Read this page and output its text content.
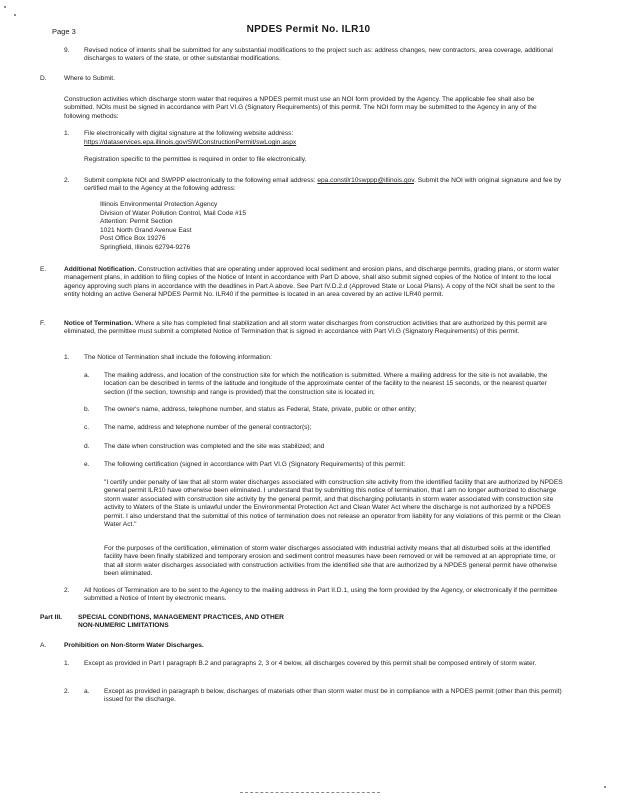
Page 3	NPDES Permit No. ILR10
9. Revised notice of intents shall be submitted for any substantial modifications to the project such as: address changes, new contractors, area coverage, additional discharges to waters of the state, or other substantial modifications.
D.	Where to Submit.
Construction activities which discharge storm water that requires a NPDES permit must use an NOI form provided by the Agency. The applicable fee shall also be submitted. NOIs must be signed in accordance with Part VI.G (Signatory Requirements) of this permit. The NOI form may be submitted to the Agency in any of the following methods:
1. File electronically with digital signature at the following website address:
https://dataservices.epa.illinois.gov/SWConstructionPermit/swLogin.aspx
Registration specific to the permittee is required in order to file electronically.
2. Submit complete NOI and SWPPP electronically to the following email address: epa.constilr10swppp@illinois.gov. Submit the NOI with original signature and fee by certified mail to the Agency at the following address:
Illinois Environmental Protection Agency
Division of Water Pollution Control, Mail Code #15
Attention: Permit Section
1021 North Grand Avenue East
Post Office Box 19276
Springfield, Illinois 62794-9276
E.	Additional Notification. Construction activities that are operating under approved local sediment and erosion plans, and discharge permits, grading plans, or storm water management plans, in addition to filing copies of the Notice of Intent in accordance with Part D above, shall also submit signed copies of the Notice of Intent to the local agency approving such plans in accordance with the deadlines in Part A above. See Part IV.D.2.d (Approved State or Local Plans). A copy of the NOI shall be sent to the entity holding an active General NPDES Permit No. ILR40 if the permittee is located in an area covered by an active ILR40 permit.
F.	Notice of Termination. Where a site has completed final stabilization and all storm water discharges from construction activities that are authorized by this permit are eliminated, the permittee must submit a completed Notice of Termination that is signed in accordance with Part VI.G (Signatory Requirements) of this permit.
1. The Notice of Termination shall include the following information:
a. The mailing address, and location of the construction site for which the notification is submitted. Where a mailing address for the site is not available, the location can be described in terms of the latitude and longitude of the approximate center of the facility to the nearest 15 seconds, or the nearest quarter section (if the section, township and range is provided) that the construction site is located in;
b. The owner's name, address, telephone number, and status as Federal, State, private, public or other entity;
c. The name, address and telephone number of the general contractor(s);
d. The date when construction was completed and the site was stabilized; and
e. The following certification (signed in accordance with Part VI.G (Signatory Requirements) of this permit:
"I certify under penalty of law that all storm water discharges associated with construction site activity from the identified facility that are authorized by NPDES general permit ILR10 have otherwise been eliminated. I understand that by submitting this notice of termination, that I am no longer authorized to discharge storm water associated with construction site activity by the general permit, and that discharging pollutants in storm water associated with construction site activity to Waters of the State is unlawful under the Environmental Protection Act and Clean Water Act where the discharge is not authorized by a NPDES permit. I also understand that the submittal of this notice of termination does not release an operator from liability for any violations of this permit or the Clean Water Act."
For the purposes of the certification, elimination of storm water discharges associated with industrial activity means that all disturbed soils at the identified facility have been finally stabilized and temporary erosion and sediment control measures have been removed or will be removed at an appropriate time, or that all storm water discharges associated with construction activities from the identified site that are authorized by a NPDES general permit have otherwise been eliminated.
2. All Notices of Termination are to be sent to the Agency to the mailing address in Part II.D.1, using the form provided by the Agency, or electronically if the permittee submitted a Notice of Intent by electronic means.
Part III. SPECIAL CONDITIONS, MANAGEMENT PRACTICES, AND OTHER
NON-NUMERIC LIMITATIONS
A.	Prohibition on Non-Storm Water Discharges.
1. Except as provided in Part I paragraph B.2 and paragraphs 2, 3 or 4 below, all discharges covered by this permit shall be composed entirely of storm water.
2. a. Except as provided in paragraph b below, discharges of materials other than storm water must be in compliance with a NPDES permit (other than this permit) issued for the discharge.
